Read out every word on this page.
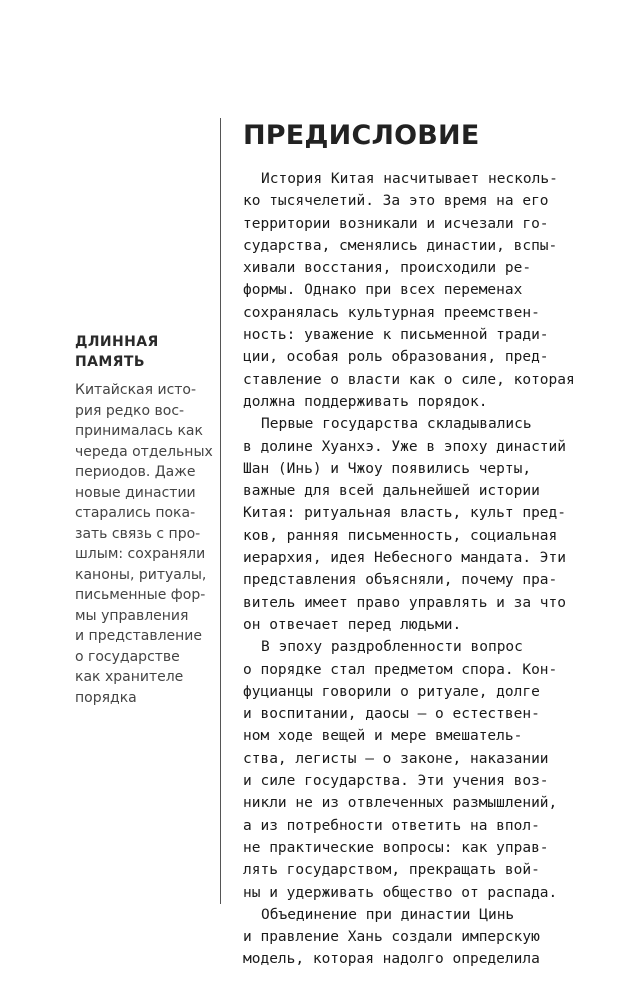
ДЛИННАЯ
ПАМЯТЬ
Китайская исто-
рия редко вос-
принималась как
череда отдельных
периодов. Даже
новые династии
старались пока-
зать связь с про-
шлым: сохраняли
каноны, ритуалы,
письменные фор-
мы управления
и представление
о государстве
как хранителе
порядка
ПРЕДИСЛОВИЕ
История Китая насчитывает несколь-
ко тысячелетий. За это время на его
территории возникали и исчезали го-
сударства, сменялись династии, вспы-
хивали восстания, происходили ре-
формы. Однако при всех переменах
сохранялась культурная преемствен-
ность: уважение к письменной тради-
ции, особая роль образования, пред-
ставление о власти как о силе, которая
должна поддерживать порядок.
Первые государства складывались
в долине Хуанхэ. Уже в эпоху династий
Шан (Инь) и Чжоу появились черты,
важные для всей дальнейшей истории
Китая: ритуальная власть, культ пред-
ков, ранняя письменность, социальная
иерархия, идея Небесного мандата. Эти
представления объясняли, почему пра-
витель имеет право управлять и за что
он отвечает перед людьми.
В эпоху раздробленности вопрос
о порядке стал предметом спора. Кон-
фуцианцы говорили о ритуале, долге
и воспитании, даосы — о естествен-
ном ходе вещей и мере вмешатель-
ства, легисты — о законе, наказании
и силе государства. Эти учения воз-
никли не из отвлеченных размышлений,
а из потребности ответить на впол-
не практические вопросы: как управ-
лять государством, прекращать вой-
ны и удерживать общество от распада.
Объединение при династии Цинь
и правление Хань создали имперскую
модель, которая надолго определила
